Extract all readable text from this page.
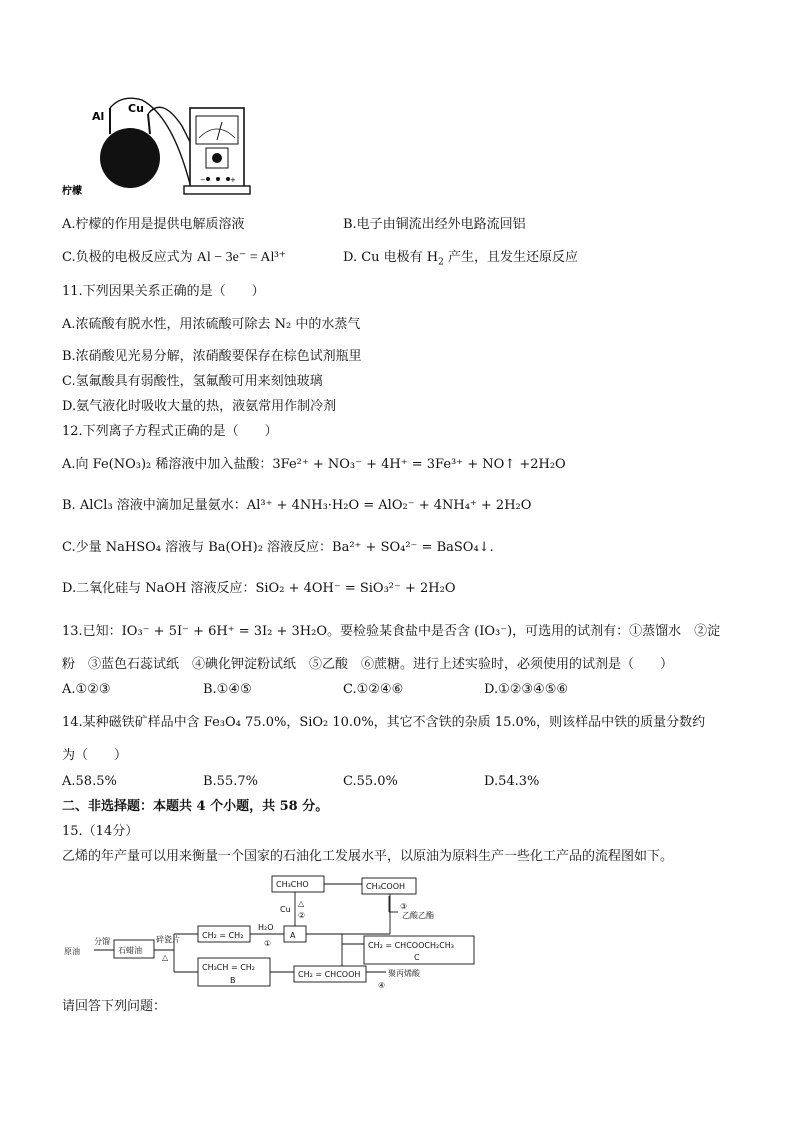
−	+
Al
Cu
柠檬
A.柠檬的作用是提供电解质溶液	B.电子由铜流出经外电路流回铝
C.负极的电极反应式为 Al − 3e⁻ = Al³⁺	D. Cu 电极有 $H_2$ 产生，且发生还原反应
11.下列因果关系正确的是（　　）
A.浓硫酸有脱水性，用浓硫酸可除去 N₂ 中的水蒸气
B.浓硝酸见光易分解，浓硝酸要保存在棕色试剂瓶里
C.氢氟酸具有弱酸性，氢氟酸可用来刻蚀玻璃
D.氨气液化时吸收大量的热，液氨常用作制冷剂
12.下列离子方程式正确的是（　　）
A.向 Fe(NO₃)₂ 稀溶液中加入盐酸：3Fe²⁺ + NO₃⁻ + 4H⁺ = 3Fe³⁺ + NO↑ +2H₂O
B. AlCl₃ 溶液中滴加足量氨水：Al³⁺ + 4NH₃·H₂O = AlO₂⁻ + 4NH₄⁺ + 2H₂O
C.少量 NaHSO₄ 溶液与 Ba(OH)₂ 溶液反应：Ba²⁺ + SO₄²⁻ = BaSO₄↓.
D.二氧化硅与 NaOH 溶液反应：SiO₂ + 4OH⁻ = SiO₃²⁻ + 2H₂O
13.已知：IO₃⁻ + 5I⁻ + 6H⁺ = 3I₂ + 3H₂O。要检验某食盐中是否含 (IO₃⁻)，可选用的试剂有：①蒸馏水　②淀
粉　③蓝色石蕊试纸　④碘化钾淀粉试纸　⑤乙酸　⑥蔗糖。进行上述实验时，必须使用的试剂是（　　）
A.①②③	B.①④⑤	C.①②④⑥	D.①②③④⑤⑥
14.某种磁铁矿样品中含 Fe₃O₄ 75.0%，SiO₂ 10.0%，其它不含铁的杂质 15.0%，则该样品中铁的质量分数约
为（　　）
A.58.5%	B.55.7%	C.55.0%	D.54.3%
二、非选择题：本题共 4 个小题，共 58 分。
15.（14分）
乙烯的年产量可以用来衡量一个国家的石油化工发展水平，以原油为原料生产一些化工产品的流程图如下。
原油
分馏
石蜡油
碎瓷片
△
CH₂ = CH₂
CH₃CH = CH₂
B
H₂O
①
A
Cu
△
②
CH₃CHO	CH₃COOH
③
乙酸乙酯
CH₂ = CHCOOCH₂CH₃
C
CH₂ = CHCOOH	聚丙烯酸
④
请回答下列问题：
